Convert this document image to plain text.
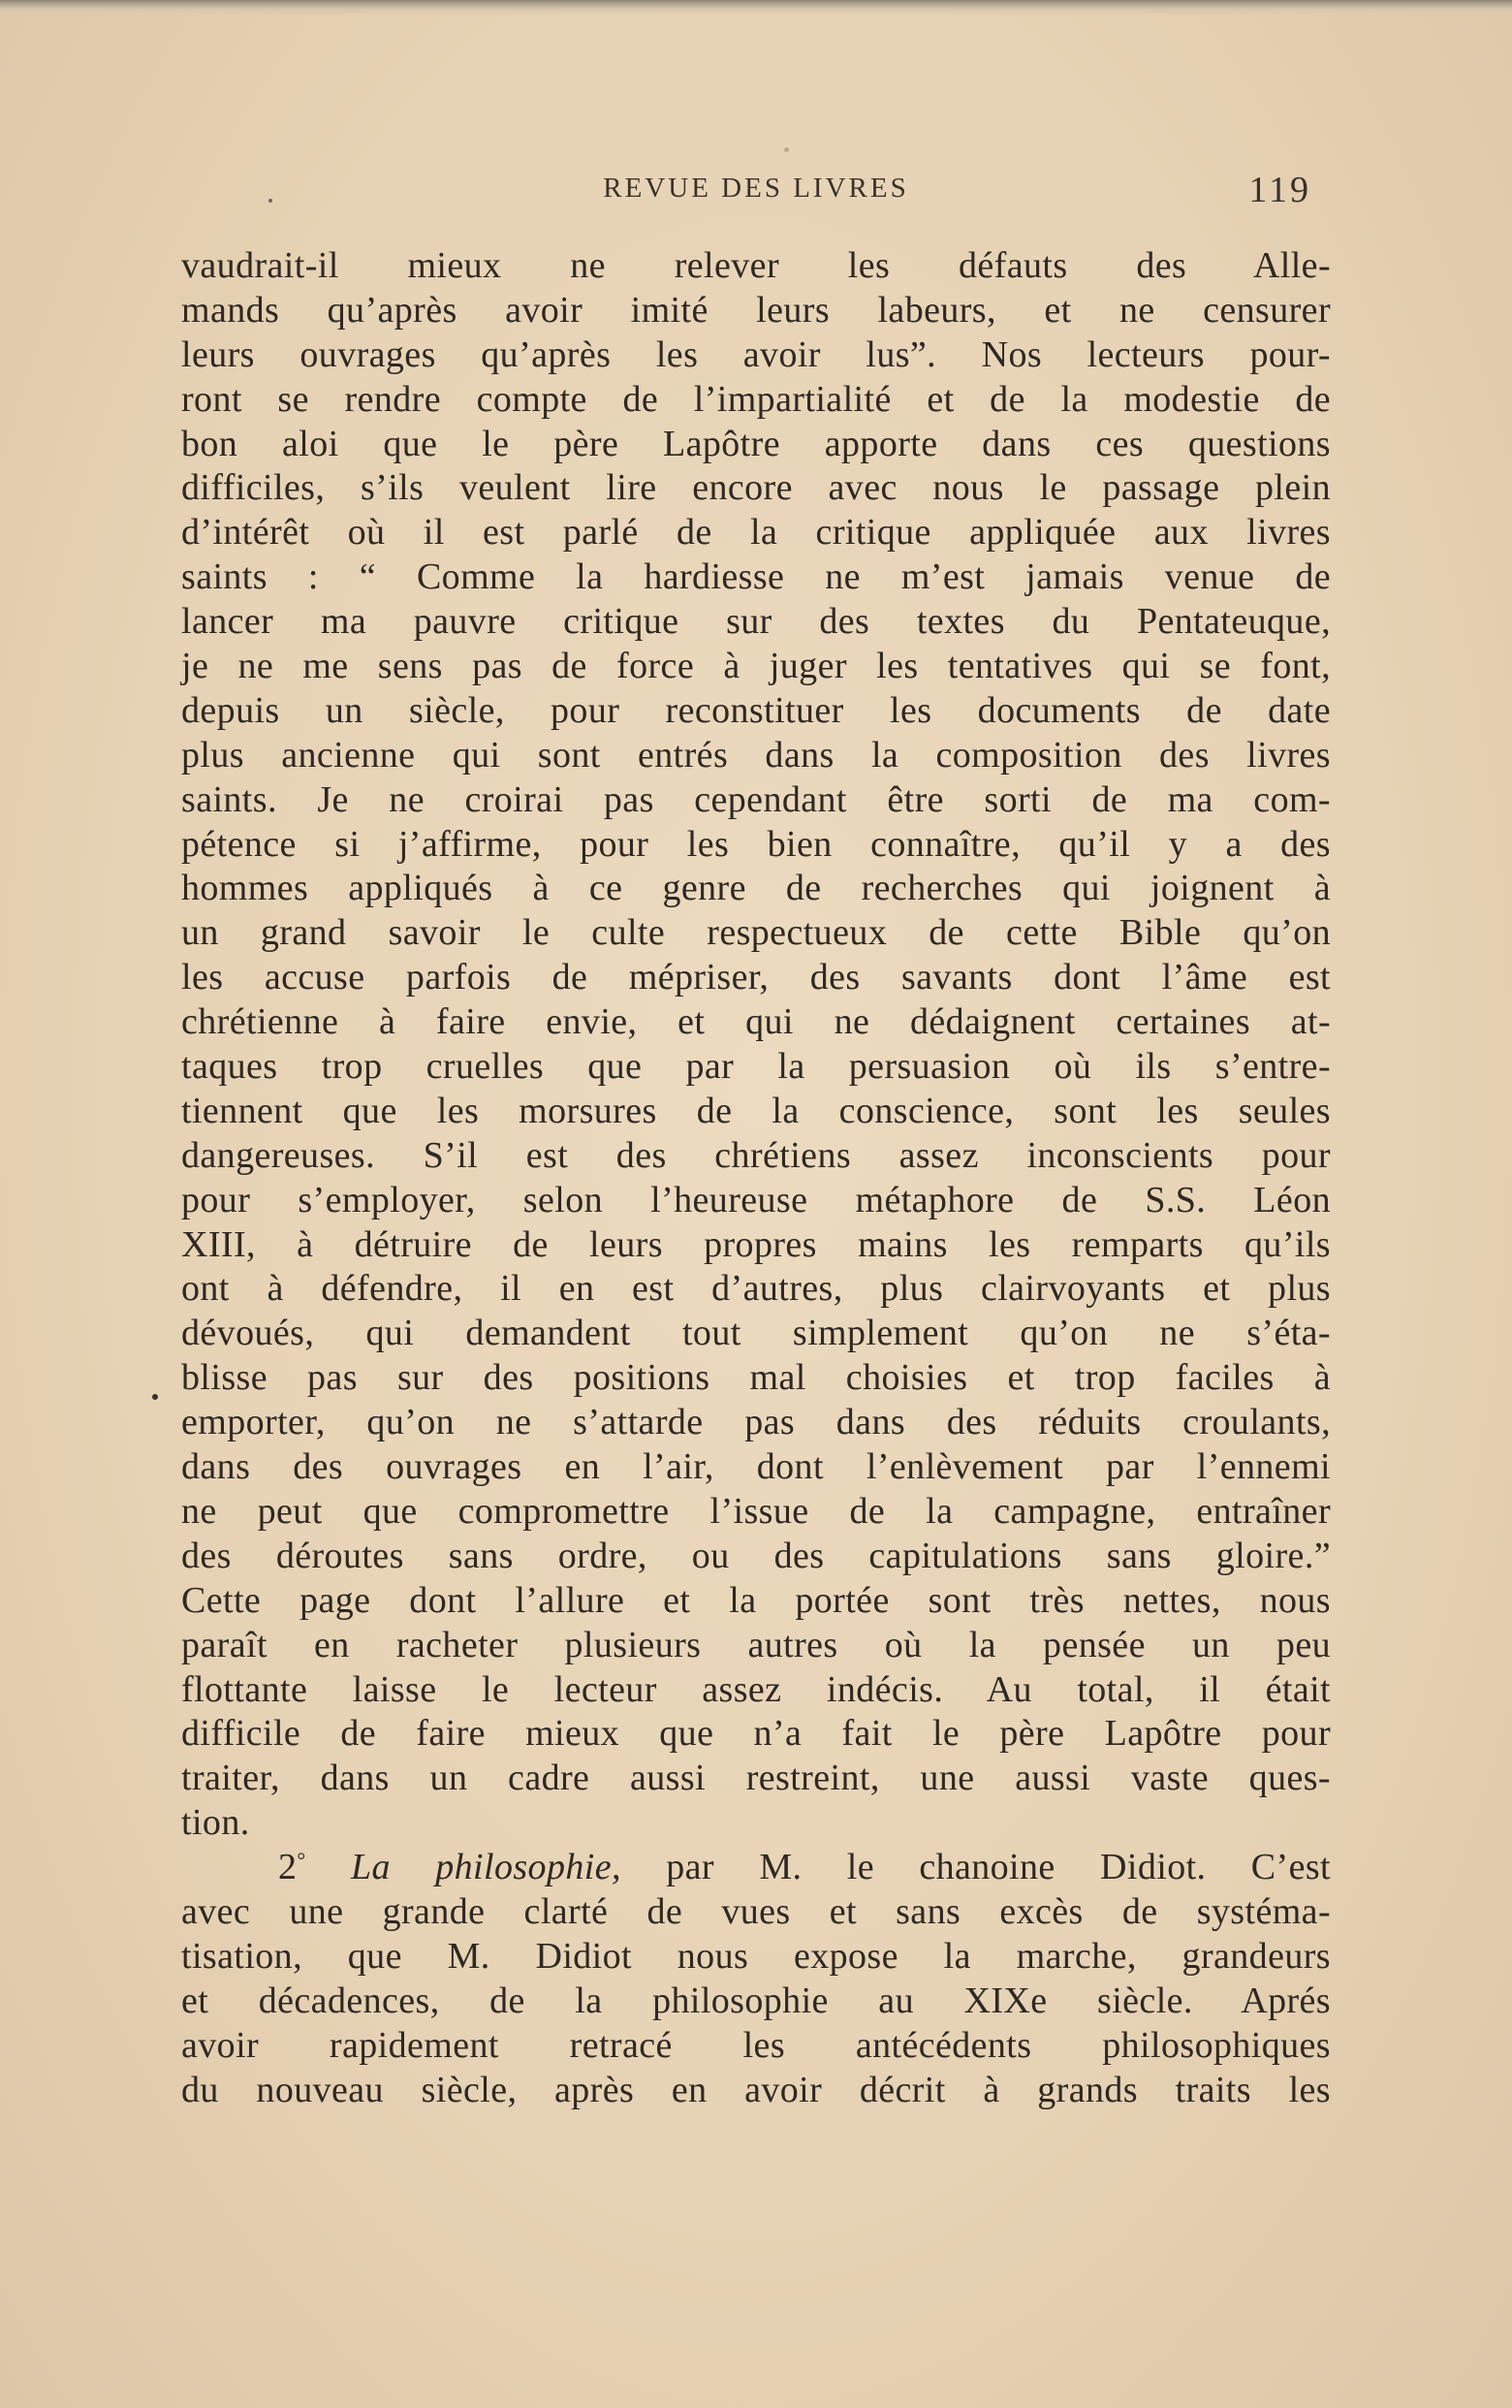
REVUE DES LIVRES	119
vaudrait-il mieux ne relever les défauts des Alle-
mands qu’après avoir imité leurs labeurs, et ne censurer
leurs ouvrages qu’après les avoir lus”. Nos lecteurs pour-
ront se rendre compte de l’impartialité et de la modestie de
bon aloi que le père Lapôtre apporte dans ces questions
difficiles, s’ils veulent lire encore avec nous le passage plein
d’intérêt où il est parlé de la critique appliquée aux livres
saints : “ Comme la hardiesse ne m’est jamais venue de
lancer ma pauvre critique sur des textes du Pentateuque,
je ne me sens pas de force à juger les tentatives qui se font,
depuis un siècle, pour reconstituer les documents de date
plus ancienne qui sont entrés dans la composition des livres
saints. Je ne croirai pas cependant être sorti de ma com-
pétence si j’affirme, pour les bien connaître, qu’il y a des
hommes appliqués à ce genre de recherches qui joignent à
un grand savoir le culte respectueux de cette Bible qu’on
les accuse parfois de mépriser, des savants dont l’âme est
chrétienne à faire envie, et qui ne dédaignent certaines at-
taques trop cruelles que par la persuasion où ils s’entre-
tiennent que les morsures de la conscience, sont les seules
dangereuses. S’il est des chrétiens assez inconscients pour
pour s’employer, selon l’heureuse métaphore de S.S. Léon
XIII, à détruire de leurs propres mains les remparts qu’ils
ont à défendre, il en est d’autres, plus clairvoyants et plus
dévoués, qui demandent tout simplement qu’on ne s’éta-
blisse pas sur des positions mal choisies et trop faciles à
emporter, qu’on ne s’attarde pas dans des réduits croulants,
dans des ouvrages en l’air, dont l’enlèvement par l’ennemi
ne peut que compromettre l’issue de la campagne, entraîner
des déroutes sans ordre, ou des capitulations sans gloire.”
Cette page dont l’allure et la portée sont très nettes, nous
paraît en racheter plusieurs autres où la pensée un peu
flottante laisse le lecteur assez indécis. Au total, il était
difficile de faire mieux que n’a fait le père Lapôtre pour
traiter, dans un cadre aussi restreint, une aussi vaste ques-
tion.
2° La philosophie, par M. le chanoine Didiot. C’est
avec une grande clarté de vues et sans excès de systéma-
tisation, que M. Didiot nous expose la marche, grandeurs
et décadences, de la philosophie au XIXe siècle. Aprés
avoir rapidement retracé les antécédents philosophiques
du nouveau siècle, après en avoir décrit à grands traits les
